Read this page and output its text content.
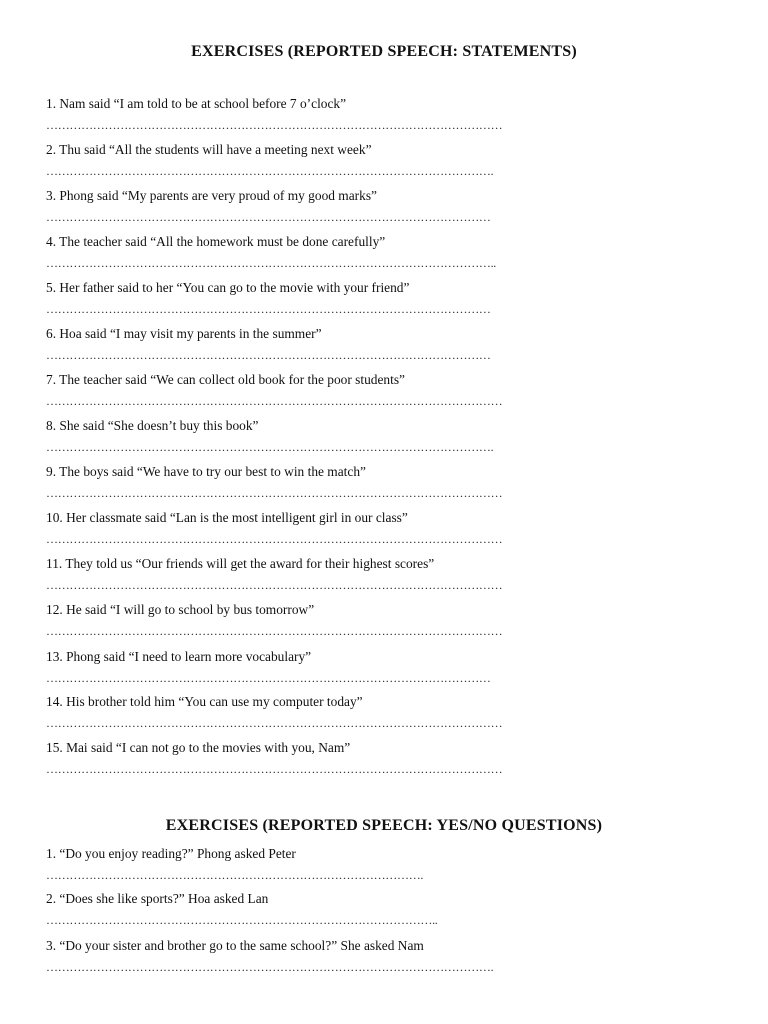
EXERCISES (REPORTED SPEECH: STATEMENTS)
1. Nam said “I am told to be at school before 7 o’clock”
………………………………………………………………………………………………………
2. Thu said “All the students will have a meeting next week”
…………………………………………………………………………………………………….
3. Phong said “My parents are very proud of my good marks”
……………………………………………………………………………………………………
4. The teacher said “All the homework must be done carefully”
……………………………………………………………………………………………………..
5. Her father said to her “You can go to the movie with your friend”
……………………………………………………………………………………………………
6. Hoa said “I may visit my parents in the summer”
……………………………………………………………………………………………………
7. The teacher said “We can collect old book for the poor students”
………………………………………………………………………………………………………
8. She said “She doesn’t buy this book”
…………………………………………………………………………………………………….
9. The boys said “We have to try our best to win the match”
………………………………………………………………………………………………………
10. Her classmate said “Lan is the most intelligent girl in our class”
………………………………………………………………………………………………………
11. They told us “Our friends will get the award for their highest scores”
………………………………………………………………………………………………………
12. He said “I will go to school by bus tomorrow”
………………………………………………………………………………………………………
13. Phong said “I need to learn more vocabulary”
……………………………………………………………………………………………………
14. His brother told him “You can use my computer today”
………………………………………………………………………………………………………
15. Mai said “I can not go to the movies with you, Nam”
………………………………………………………………………………………………………
EXERCISES (REPORTED SPEECH: YES/NO QUESTIONS)
1. “Do you enjoy reading?” Phong asked Peter
…………………………………………………………………………………….
2. “Does she like sports?” Hoa asked Lan
………………………………………………………………………………………..
3. “Do your sister and brother go to the same school?” She asked Nam
…………………………………………………………………………………………………….
